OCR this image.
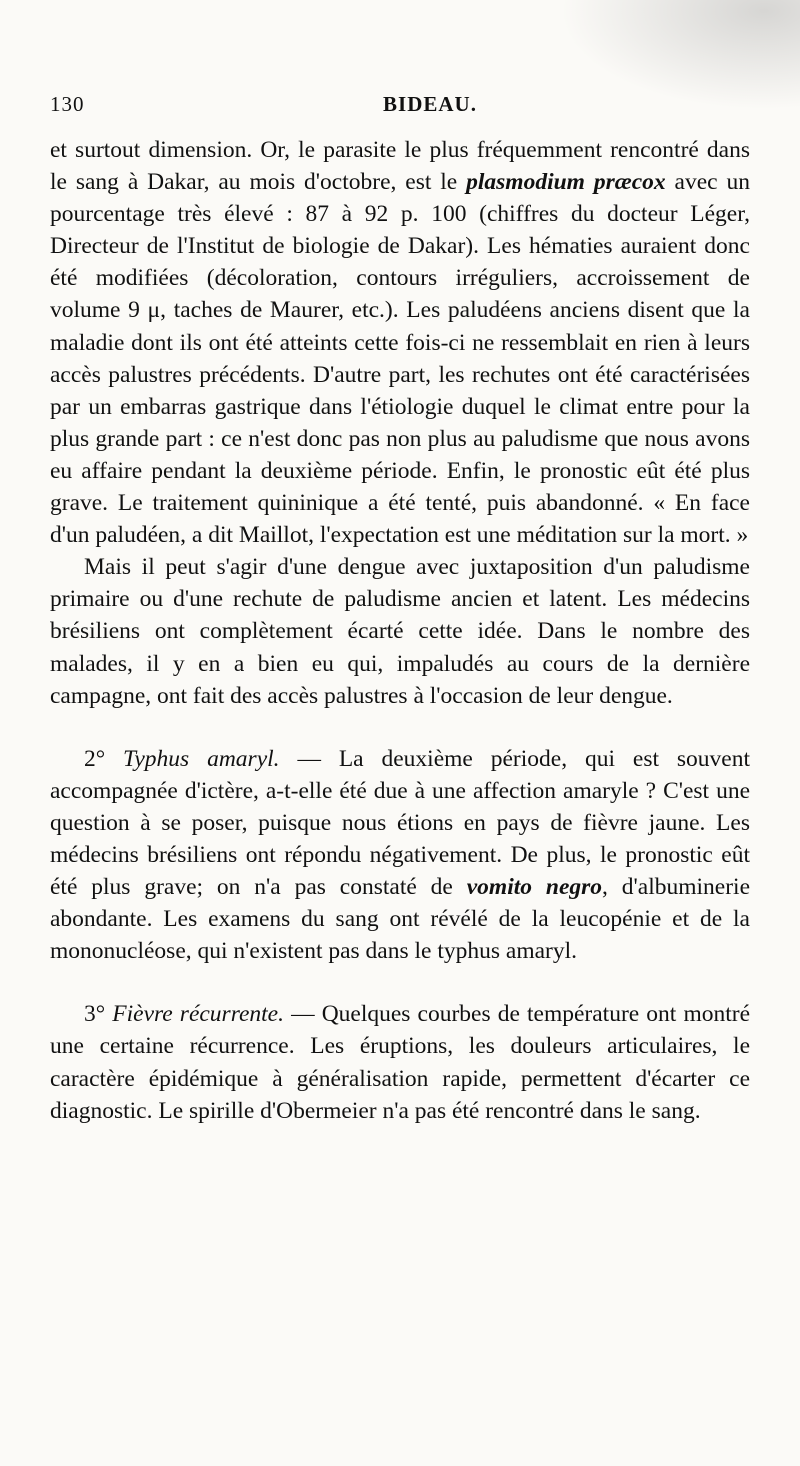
130	BIDEAU.

et surtout dimension. Or, le parasite le plus fréquemment rencontré dans le sang à Dakar, au mois d'octobre, est le plasmodium præcox avec un pourcentage très élevé : 87 à 92 p. 100 (chiffres du docteur Léger, Directeur de l'Institut de biologie de Dakar). Les hématies auraient donc été modifiées (décoloration, contours irréguliers, accroissement de volume 9 μ, taches de Maurer, etc.). Les paludéens anciens disent que la maladie dont ils ont été atteints cette fois-ci ne ressemblait en rien à leurs accès palustres précédents. D'autre part, les rechutes ont été caractérisées par un embarras gastrique dans l'étiologie duquel le climat entre pour la plus grande part : ce n'est donc pas non plus au paludisme que nous avons eu affaire pendant la deuxième période. Enfin, le pronostic eût été plus grave. Le traitement quininique a été tenté, puis abandonné. « En face d'un paludéen, a dit Maillot, l'expectation est une méditation sur la mort. »

Mais il peut s'agir d'une dengue avec juxtaposition d'un paludisme primaire ou d'une rechute de paludisme ancien et latent. Les médecins brésiliens ont complètement écarté cette idée. Dans le nombre des malades, il y en a bien eu qui, impaludés au cours de la dernière campagne, ont fait des accès palustres à l'occasion de leur dengue.

2° Typhus amaryl. — La deuxième période, qui est souvent accompagnée d'ictère, a-t-elle été due à une affection amaryle ? C'est une question à se poser, puisque nous étions en pays de fièvre jaune. Les médecins brésiliens ont répondu négativement. De plus, le pronostic eût été plus grave; on n'a pas constaté de vomito negro, d'albuminerie abondante. Les examens du sang ont révélé de la leucopénie et de la mononucléose, qui n'existent pas dans le typhus amaryl.

3° Fièvre récurrente. — Quelques courbes de température ont montré une certaine récurrence. Les éruptions, les douleurs articulaires, le caractère épidémique à généralisation rapide, permettent d'écarter ce diagnostic. Le spirille d'Obermeier n'a pas été rencontré dans le sang.
